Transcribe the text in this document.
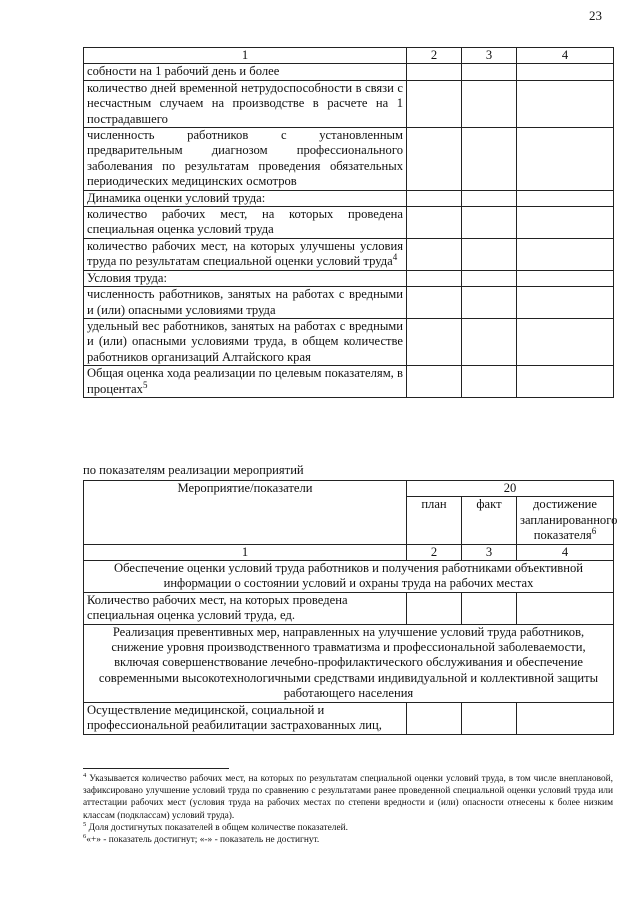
23
1	2	3	4
собности на 1 рабочий день и более			
количество дней временной нетрудоспособности в связи с несчастным случаем на производстве в расчете на 1 пострадавшего			
численность работников с установленным предварительным диагнозом профессионального заболевания по результатам проведения обязательных периодических медицинских осмотров			
Динамика оценки условий труда:			
количество рабочих мест, на которых проведена специальная оценка условий труда			
количество рабочих мест, на которых улучшены условия труда по результатам специальной оценки условий труда$^4$			
Условия труда:			
численность работников, занятых на работах с вредными и (или) опасными условиями труда			
удельный вес работников, занятых на работах с вредными и (или) опасными условиями труда, в общем количестве работников организаций Алтайского края			
Общая оценка хода реализации по целевым показателям, в процентах$^5$			
по показателям реализации мероприятий
Мероприятие/показатели	20		
	план	факт	достижение запланированного показателя$^6$
1	2	3	4
Обеспечение оценки условий труда работников и получения работниками объективной информации о состоянии условий и охраны труда на рабочих местах			
Количество рабочих мест, на которых проведена специальная оценка условий труда, ед.			
Реализация превентивных мер, направленных на улучшение условий труда работников, снижение уровня производственного травматизма и профессиональной заболеваемости, включая совершенствование лечебно-профилактического обслуживания и обеспечение современными высокотехнологичными средствами индивидуальной и коллективной защиты работающего населения			
Осуществление медицинской, социальной и профессиональной реабилитации застрахованных лиц,			

$^4$ Указывается количество рабочих мест, на которых по результатам специальной оценки условий труда, в том числе внеплановой, зафиксировано улучшение условий труда по сравнению с результатами ранее проведенной специальной оценки условий труда или аттестации рабочих мест (условия труда на рабочих местах по степени вредности и (или) опасности отнесены к более низким классам (подклассам) условий труда).

$^5$ Доля достигнутых показателей в общем количестве показателей.

$^6$«+» - показатель достигнут; «-» - показатель не достигнут.
